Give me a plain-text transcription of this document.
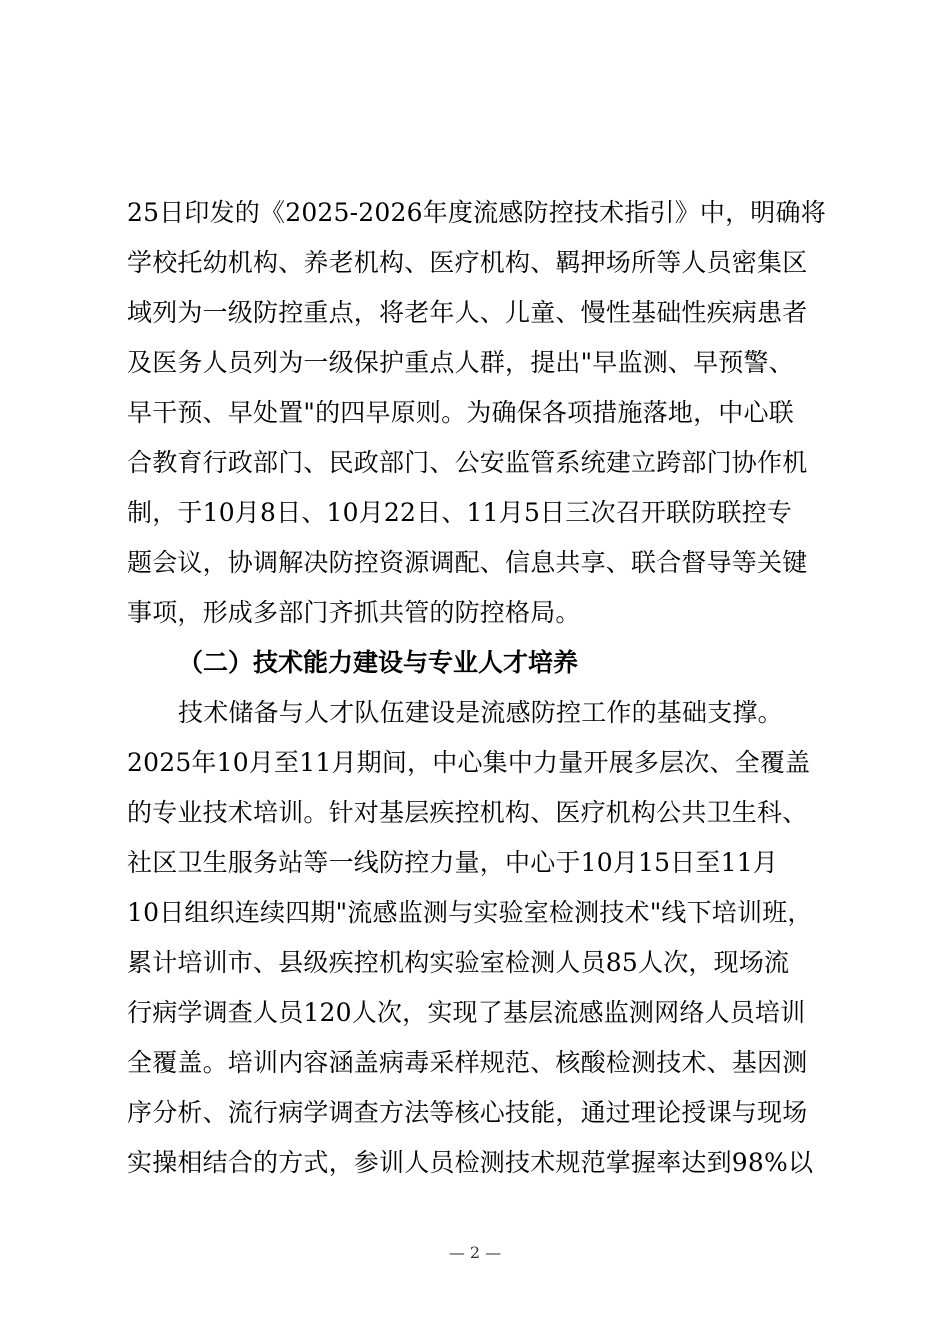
25日印发的《2025-2026年度流感防控技术指引》中，明确将
学校托幼机构、养老机构、医疗机构、羁押场所等人员密集区
域列为一级防控重点，将老年人、儿童、慢性基础性疾病患者
及医务人员列为一级保护重点人群，提出"早监测、早预警、
早干预、早处置"的四早原则。为确保各项措施落地，中心联
合教育行政部门、民政部门、公安监管系统建立跨部门协作机
制，于10月8日、10月22日、11月5日三次召开联防联控专
题会议，协调解决防控资源调配、信息共享、联合督导等关键
事项，形成多部门齐抓共管的防控格局。
（二）技术能力建设与专业人才培养
技术储备与人才队伍建设是流感防控工作的基础支撑。
2025年10月至11月期间，中心集中力量开展多层次、全覆盖
的专业技术培训。针对基层疾控机构、医疗机构公共卫生科、
社区卫生服务站等一线防控力量，中心于10月15日至11月
10日组织连续四期"流感监测与实验室检测技术"线下培训班，
累计培训市、县级疾控机构实验室检测人员85人次，现场流
行病学调查人员120人次，实现了基层流感监测网络人员培训
全覆盖。培训内容涵盖病毒采样规范、核酸检测技术、基因测
序分析、流行病学调查方法等核心技能，通过理论授课与现场
实操相结合的方式，参训人员检测技术规范掌握率达到98%以
— 2 —
